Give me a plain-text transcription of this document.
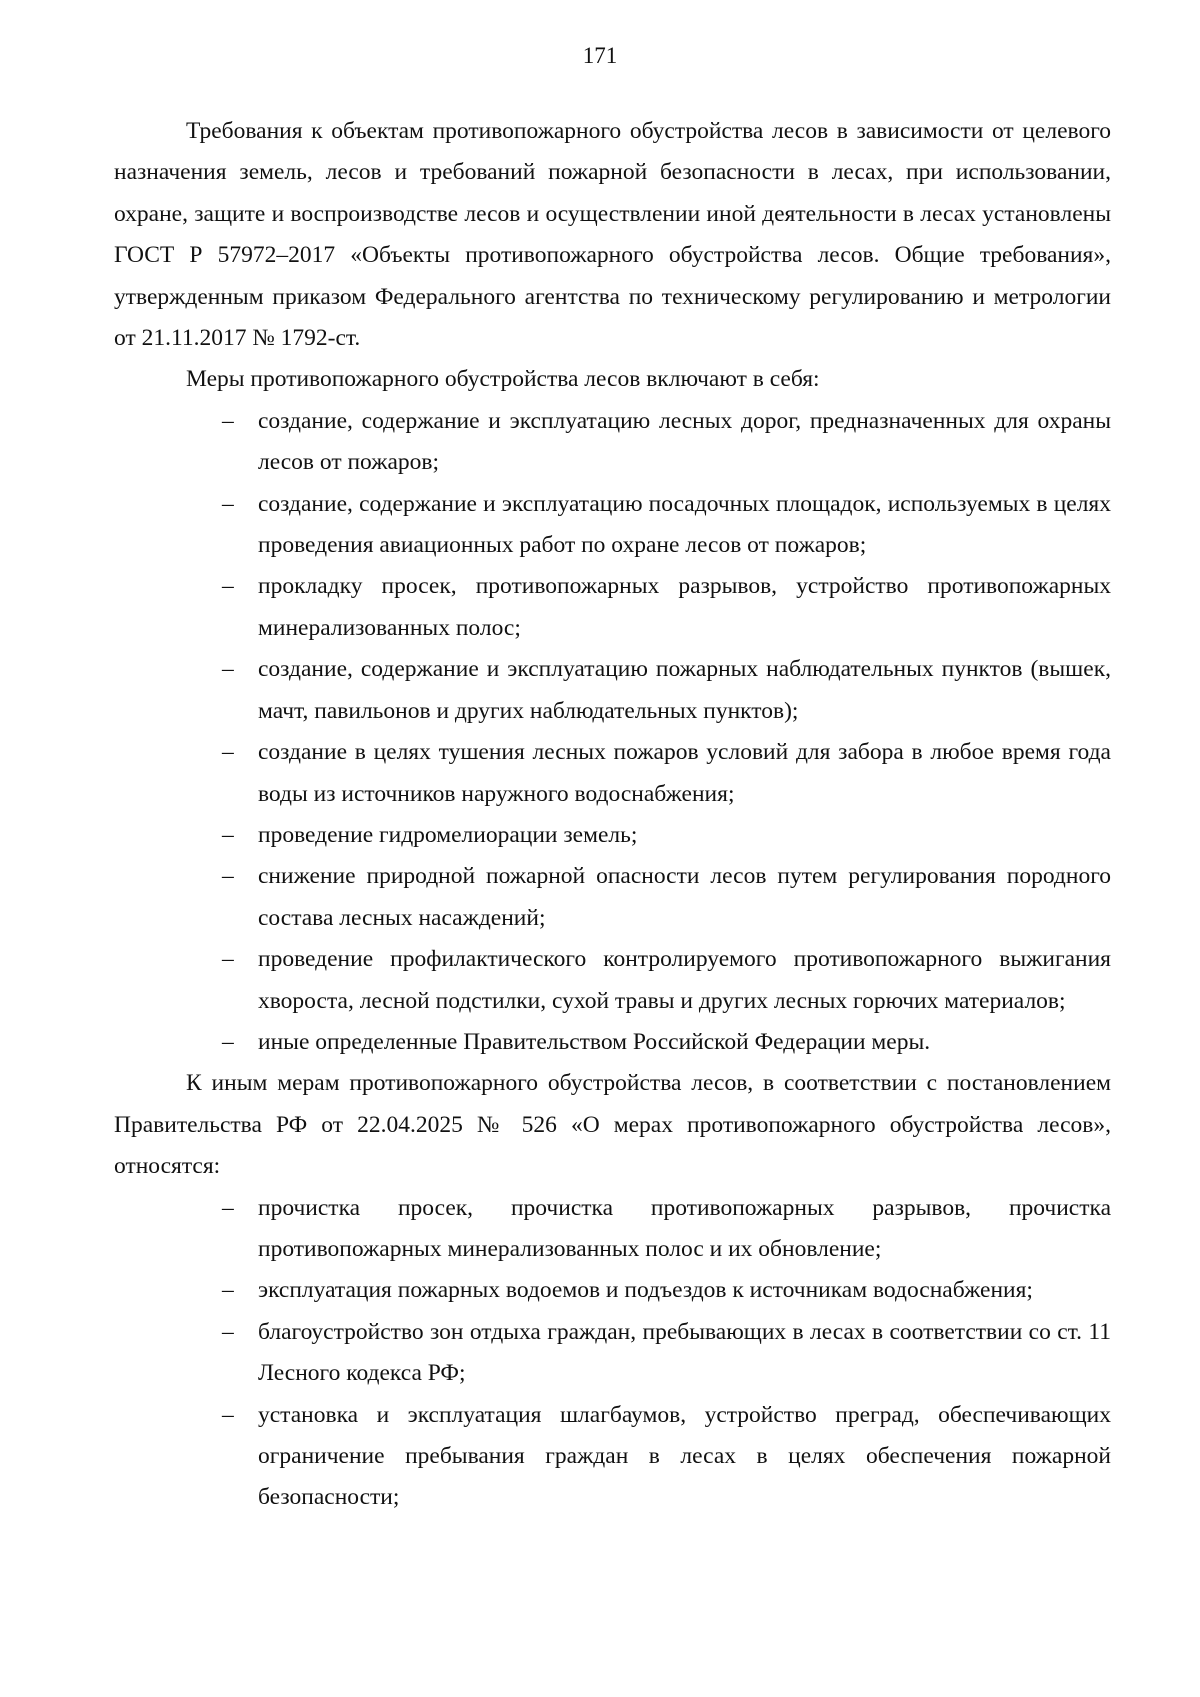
171

Требования к объектам противопожарного обустройства лесов в зависимости от целевого назначения земель, лесов и требований пожарной безопасности в лесах, при использовании, охране, защите и воспроизводстве лесов и осуществлении иной деятельности в лесах установлены ГОСТ Р 57972–2017 «Объекты противопожарного обустройства лесов. Общие требования», утвержденным приказом Федерального агентства по техническому регулированию и метрологии от 21.11.2017 № 1792-ст.

Меры противопожарного обустройства лесов включают в себя:

– создание, содержание и эксплуатацию лесных дорог, предназначенных для охраны лесов от пожаров;
– создание, содержание и эксплуатацию посадочных площадок, используемых в целях проведения авиационных работ по охране лесов от пожаров;
– прокладку просек, противопожарных разрывов, устройство противопожарных минерализованных полос;
– создание, содержание и эксплуатацию пожарных наблюдательных пунктов (вышек, мачт, павильонов и других наблюдательных пунктов);
– создание в целях тушения лесных пожаров условий для забора в любое время года воды из источников наружного водоснабжения;
– проведение гидромелиорации земель;
– снижение природной пожарной опасности лесов путем регулирования породного состава лесных насаждений;
– проведение профилактического контролируемого противопожарного выжигания хвороста, лесной подстилки, сухой травы и других лесных горючих материалов;
– иные определенные Правительством Российской Федерации меры.

К иным мерам противопожарного обустройства лесов, в соответствии с постановлением Правительства РФ от 22.04.2025 № 526 «О мерах противопожарного обустройства лесов», относятся:

– прочистка просек, прочистка противопожарных разрывов, прочистка противопожарных минерализованных полос и их обновление;
– эксплуатация пожарных водоемов и подъездов к источникам водоснабжения;
– благоустройство зон отдыха граждан, пребывающих в лесах в соответствии со ст. 11 Лесного кодекса РФ;
– установка и эксплуатация шлагбаумов, устройство преград, обеспечивающих ограничение пребывания граждан в лесах в целях обеспечения пожарной безопасности;
